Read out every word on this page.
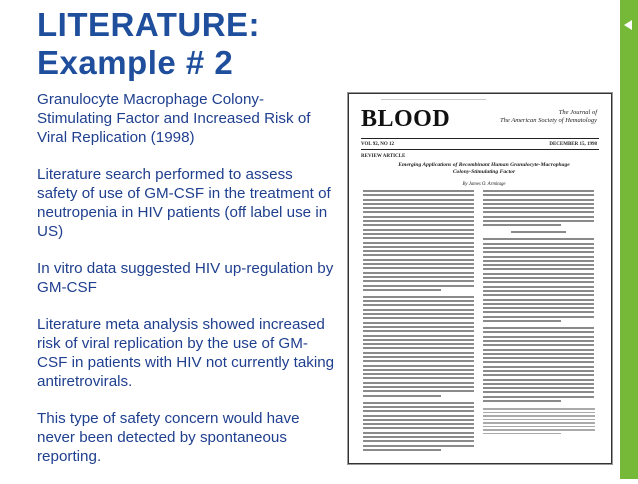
LITERATURE:
Example # 2

Granulocyte Macrophage Colony-Stimulating Factor and Increased Risk of Viral Replication (1998)

Literature search performed to assess safety of use of GM-CSF in the treatment of neutropenia in HIV patients (off label use in US)

In vitro data suggested HIV up-regulation by GM-CSF

Literature meta analysis showed increased risk of viral replication by the use of GM-CSF in patients with HIV not currently taking antiretrovirals.

This type of safety concern would have never been detected by spontaneous reporting.

─────────────────────────────────
BLOOD	The Journal of
The American Society of Hematology
VOL 92, NO 12	DECEMBER 15, 1998
REVIEW ARTICLE
Emerging Applications of Recombinant Human Granulocyte-Macrophage Colony-Stimulating Factor
By James O. Armitage
